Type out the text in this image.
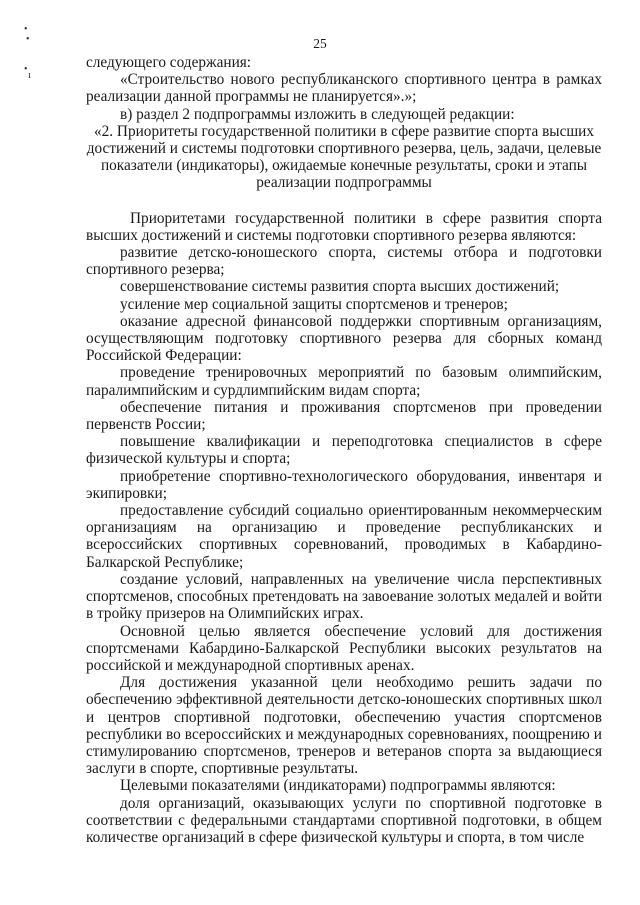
•
•
•
ı
25

следующего содержания:

«Строительство нового республиканского спортивного центра в рамках реализации данной программы не планируется».»;

в) раздел 2 подпрограммы изложить в следующей редакции:

«2. Приоритеты государственной политики в сфере развитие спорта высших достижений и системы подготовки спортивного резерва, цель, задачи, целевые показатели (индикаторы), ожидаемые конечные результаты, сроки и этапы реализации подпрограммы

Приоритетами государственной политики в сфере развития спорта высших достижений и системы подготовки спортивного резерва являются:

развитие детско-юношеского спорта, системы отбора и подготовки спортивного резерва;

совершенствование системы развития спорта высших достижений;

усиление мер социальной защиты спортсменов и тренеров;

оказание адресной финансовой поддержки спортивным организациям, осуществляющим подготовку спортивного резерва для сборных команд Российской Федерации:

проведение тренировочных мероприятий по базовым олимпийским, паралимпийским и сурдлимпийским видам спорта;

обеспечение питания и проживания спортсменов при проведении первенств России;

повышение квалификации и переподготовка специалистов в сфере физической культуры и спорта;

приобретение спортивно-технологического оборудования, инвентаря и экипировки;

предоставление субсидий социально ориентированным некоммерческим организациям на организацию и проведение республиканских и всероссийских спортивных соревнований, проводимых в Кабардино-Балкарской Республике;

создание условий, направленных на увеличение числа перспективных спортсменов, способных претендовать на завоевание золотых медалей и войти в тройку призеров на Олимпийских играх.

Основной целью является обеспечение условий для достижения спортсменами Кабардино-Балкарской Республики высоких результатов на российской и международной спортивных аренах.

Для достижения указанной цели необходимо решить задачи по обеспечению эффективной деятельности детско-юношеских спортивных школ и центров спортивной подготовки, обеспечению участия спортсменов республики во всероссийских и международных соревнованиях, поощрению и стимулированию спортсменов, тренеров и ветеранов спорта за выдающиеся заслуги в спорте, спортивные результаты.

Целевыми показателями (индикаторами) подпрограммы являются:

доля организаций, оказывающих услуги по спортивной подготовке в соответствии с федеральными стандартами спортивной подготовки, в общем количестве организаций в сфере физической культуры и спорта, в том числе
